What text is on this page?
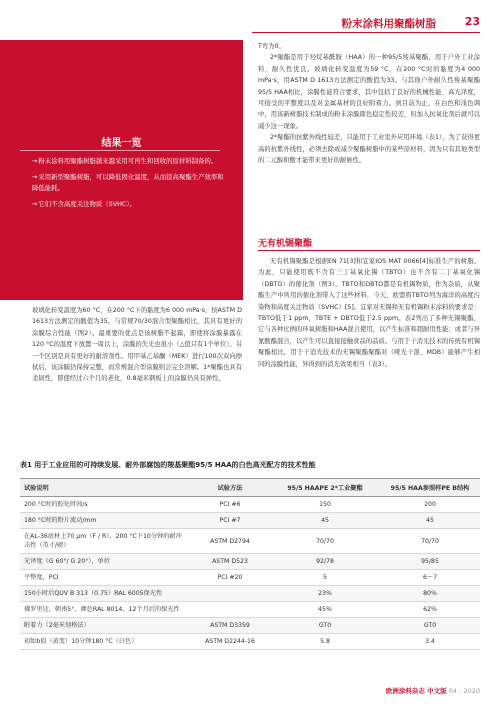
粉末涂料用聚酯树脂	23
结果一览
→粉末涂料用聚酯树脂越来越采用可再生和回收的原材料制备的。
→采用新型聚酯树脂，可以降低固化温度，从而提高聚酯生产效率和降低能耗。
→它们不含高度关注物质（SVHC）。
玻璃化转变温度为60 °C，在200 °C下的黏度为6 000 mPa·s，按ASTM D 1613方法测定的酸值为35。与常规70/30混合型聚酯相比，其具有更好的涂膜综合性能（图2）。最重要的优点是该树脂不起霜，即使将涂膜暴露在120 °C的温度下放置一周以上，涂膜的失光也很小（△值只有1个单位）。另一个区别是具有更好的耐溶剂性。用甲基乙基酮（MEK）进行100次双向擦拭后，该涂膜仍保持完整，而常规混合型涂膜则会完全溶解。1*聚酯也具有柔韧性，即使经过六个月的老化，0.8毫米钢板上的涂膜仍具有弹性，

T弯为0。

2*聚酯是用于羟烷基酰胺（HAA）的一种95/5羧基聚酯，用于户外工业涂料，耐久性优良。玻璃化转变温度为59 °C，在200 °C时的黏度为4 000 mPa·s，用ASTM D 1613方法测定的酸值为33。与其他户外耐久性羧基聚酯95/5 HAA相比，涂膜性能符合要求，其中包括了良好的机械性能、高光泽度，可接受的平整度以及对金属基材的良好附着力。到目前为止，在白色和浅色调中，用该新树脂技术制成的粉末涂膜颜色稳定性较差，但加入抗氧化剂后就可以减少这一现象。

2*聚酯的抗紫外线性较差，只能用于工业室外应用环境（表1），为了获得更高的抗紫外线性，必须去除或减少聚酯树脂中的某些原材料，因为只有其他类型的二元醇和酸才能带来更好的耐候性。

无有机锡聚酯
无有机锡聚酯是根据EN 71[3]和宜家IOS MAT 0066[4]标准生产的树脂。为此，只能使用既不含有三丁基氧化锡（TBTO）也不含有二丁基氧化锡（DBTO）的催化剂（图3）。TBTO和DBTO都是有机锡物质，作为杂质，从聚酯生产中所用的催化剂带入了这些材料，今天，欧盟将TBTO列为海洋的高度污染物和高度关注物质（SVHC）[5]。宜家对无锡和无有机锡粉末涂料的要求是：TBTO低于1 ppm，TBTE + DBTO低于2.5 ppm。表2列出了多种无锡聚酯，它与各种比例的环氧树脂和HAA混合使用，以产生标准和超耐用性能；或者与异氰酸酯混合，以产生可以直接接触食品的品质。与用于干消光技术的传统有机锡聚酯相比，用于干消光技术的无锡聚酯聚酯对（哑光干混、MDB）能够产生相同的涂膜性能，异得到的消光效果相当（表3）。
表1 用于工业应用的可持续发展、耐外部腐蚀的羧基聚酯95/5 HAA的白色高光配方的技术性能
试验说明	试验方法	95/5 HAAPE 2*工业聚酯	95/5 HAA参照样PE B结构
200 °C时的胶化时间/s	PCI #6	150	200
180 °C时的粉片流动/mm	PCI #7	45	45
在AL-36底材上70 μm（F / R），200 °C下10分钟的耐冲击性（英寸/磅）	ASTM D2794	70/70	70/70
光泽度（G 60°/ G 20°），单位	ASTM D523	92/78	95/85
平整度，PCI	PCI #20	5	6～7
150小时后QUV B 313（0.75）RAL 6005保光性		23%	80%
佛罗里达、朝南5°、颜色RAL 8014、12个月后的保光性		45%	62%
附着力（2毫米划格法）	ASTM D3359	GT0	GT0
初始b值（黄变）10分钟180 °C（白色）	ASTM D2244-16	5.8	3.4
欧洲涂料杂志 中文版 04 - 2020
